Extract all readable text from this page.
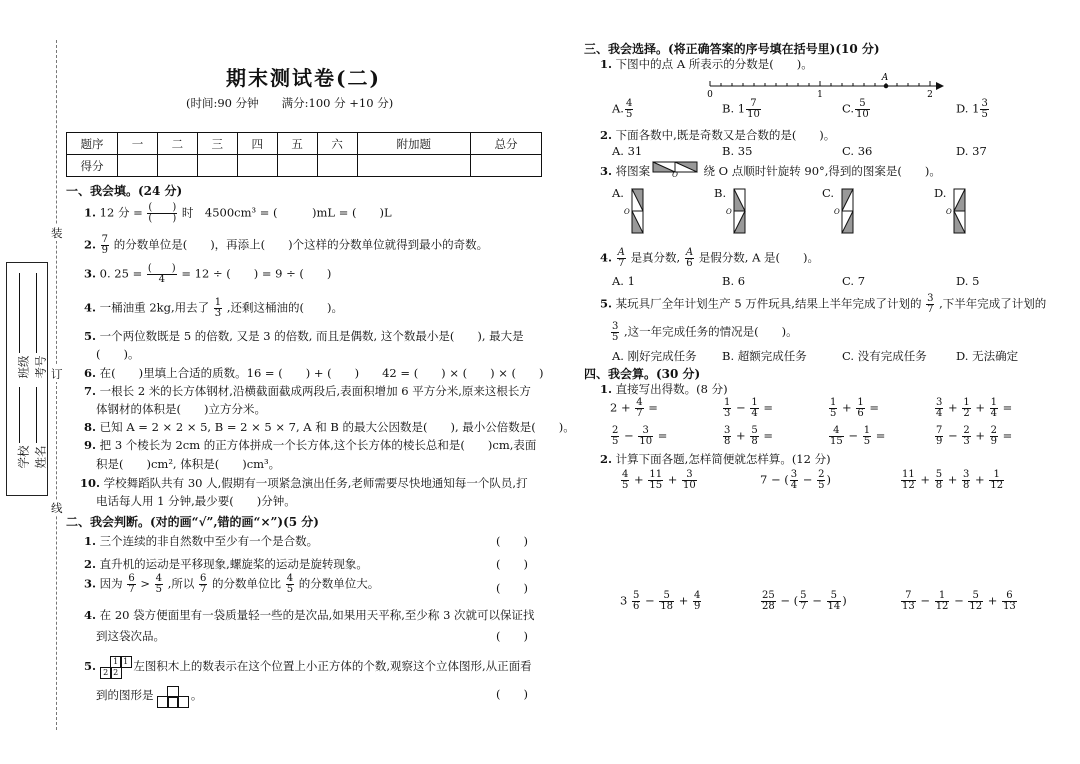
装
订
线
学校 姓名
班级 考号
期末测试卷(二)
(时间:90 分钟　　满分:100 分 +10 分)
题序	一	二	三	四	五	六	附加题	总分
得分								
一、我会填。(24 分)
1. 12 分 = (　　)
(　　) 时　4500cm³ = (　　　)mL = (　　)L
2. $\frac{7}{9}$ 的分数单位是(　　)，再添上(　　)个这样的分数单位就得到最小的奇数。
3. 0. 25 = (　　)
4	= 12 ÷ (　　) = 9 ÷ (　　)
4. 一桶油重 2kg,用去了 $\frac{1}{3}$ ,还剩这桶油的(　　)。
5. 一个两位数既是 5 的倍数, 又是 3 的倍数, 而且是偶数, 这个数最小是(　　), 最大是
(　　)。
6. 在(　　)里填上合适的质数。16 = (　　) + (　　)　　42 = (　　) × (　　) × (　　)
7. 一根长 2 米的长方体钢材,沿横截面截成两段后,表面积增加 6 平方分米,原来这根长方
体钢材的体积是(　　)立方分米。
8. 已知 A = 2 × 2 × 5, B = 2 × 5 × 7, A 和 B 的最大公因数是(　　), 最小公倍数是(　　)。
9. 把 3 个棱长为 2cm 的正方体拼成一个长方体,这个长方体的棱长总和是(　　)cm,表面
积是(　　)cm², 体积是(　　)cm³。
10. 学校舞蹈队共有 30 人,假期有一项紧急演出任务,老师需要尽快地通知每一个队员,打
电话每人用 1 分钟,最少要(　　)分钟。
二、我会判断。(对的画“√”,错的画“×”)(5 分)
1. 三个连续的非自然数中至少有一个是合数。	(　　)
2. 直升机的运动是平移现象,螺旋桨的运动是旋转现象。	(　　)
3. 因为 $\frac{6}{7} > \frac{4}{5}$ ,所以 $\frac{6}{7}$ 的分数单位比 $\frac{4}{5}$ 的分数单位大。	(　　)
4. 在 20 袋方便面里有一袋质量轻一些的是次品,如果用天平称,至少称 3 次就可以保证找
到这袋次品。	(　　)
5. 2 2
1 1 左图积木上的数表示在这个位置上小正方体的个数,观察这个立体图形,从正面看
到的图形是	。	(　　)
三、我会选择。(将正确答案的序号填在括号里)(10 分)
1. 下图中的点 A 所表示的分数是(　　)。
0	1	2
A
A. $\frac{4}{5}$	B. $1 \frac{7}{10}$	C. $\frac{5}{10}$	D. $1 \frac{3}{5}$
2. 下面各数中,既是奇数又是合数的是(　　)。
A. 31	B. 35	C. 36	D. 37
3. 将图案	绕 O 点顺时针旋转 90°,得到的图案是(　　)。
O
A.
O
B.
O
C.
O
D.
O
4. $\frac{A}{7}$ 是真分数, $\frac{A}{6}$ 是假分数, A 是(　　)。
A. 1	B. 6	C. 7	D. 5
5. 某玩具厂全年计划生产 5 万件玩具,结果上半年完成了计划的 $\frac{3}{7}$ ,下半年完成了计划的
$\frac{3}{5}$ ,这一年完成任务的情况是(　　)。
A. 刚好完成任务 B. 超额完成任务	C. 没有完成任务	D. 无法确定
四、我会算。(30 分)
1. 直接写出得数。(8 分)
$2 + \frac{4}{7}$ =	$\frac{1}{3} - \frac{1}{4}$ =	$\frac{1}{5} + \frac{1}{6}$ =	$\frac{3}{4} + \frac{1}{2} + \frac{1}{4}$ =
$\frac{2}{5} - \frac{3}{10}$ =	$\frac{3}{8} + \frac{5}{8}$ =	$\frac{4}{15} - \frac{1}{5}$ =	$\frac{7}{9} - \frac{2}{3} + \frac{2}{9}$ =
2. 计算下面各题,怎样简便就怎样算。(12 分)
$\frac{4}{5} + \frac{11}{15} + \frac{3}{10}$	7 − ( $\frac{3}{4} - \frac{2}{5}$ )	$\frac{11}{12} + \frac{5}{8} + \frac{3}{8} + \frac{1}{12}$
$3 \frac{5}{6} - \frac{5}{18} + \frac{4}{9}$	$\frac{25}{28}$ − ( $\frac{5}{7} - \frac{5}{14}$ )	$\frac{7}{13} - \frac{1}{12} - \frac{5}{12} + \frac{6}{13}$
